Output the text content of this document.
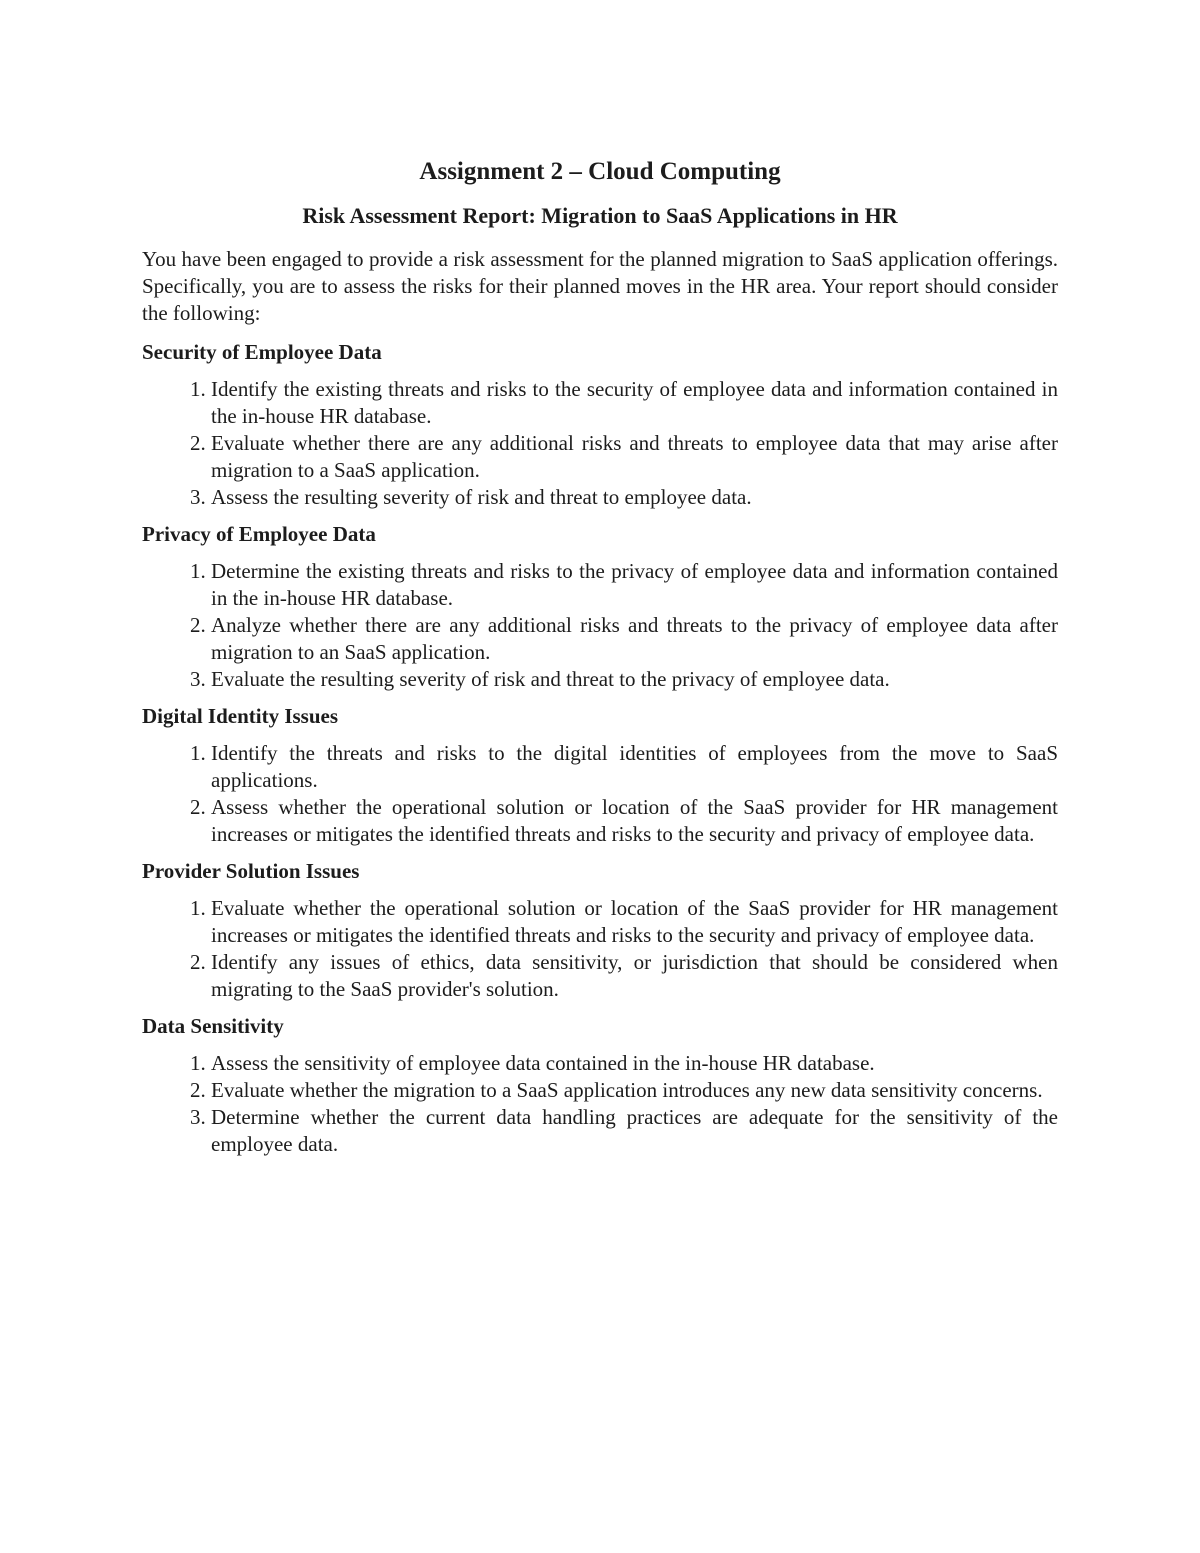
Assignment 2 – Cloud Computing
Risk Assessment Report: Migration to SaaS Applications in HR

You have been engaged to provide a risk assessment for the planned migration to SaaS application offerings. Specifically, you are to assess the risks for their planned moves in the HR area. Your report should consider the following:

Security of Employee Data
1. Identify the existing threats and risks to the security of employee data and information contained in the in-house HR database.
2. Evaluate whether there are any additional risks and threats to employee data that may arise after migration to a SaaS application.
3. Assess the resulting severity of risk and threat to employee data.
Privacy of Employee Data
1. Determine the existing threats and risks to the privacy of employee data and information contained in the in-house HR database.
2. Analyze whether there are any additional risks and threats to the privacy of employee data after migration to an SaaS application.
3. Evaluate the resulting severity of risk and threat to the privacy of employee data.
Digital Identity Issues
1. Identify the threats and risks to the digital identities of employees from the move to SaaS applications.
2. Assess whether the operational solution or location of the SaaS provider for HR management increases or mitigates the identified threats and risks to the security and privacy of employee data.
Provider Solution Issues
1. Evaluate whether the operational solution or location of the SaaS provider for HR management increases or mitigates the identified threats and risks to the security and privacy of employee data.
2. Identify any issues of ethics, data sensitivity, or jurisdiction that should be considered when migrating to the SaaS provider's solution.
Data Sensitivity
1. Assess the sensitivity of employee data contained in the in-house HR database.
2. Evaluate whether the migration to a SaaS application introduces any new data sensitivity concerns.
3. Determine whether the current data handling practices are adequate for the sensitivity of the employee data.
